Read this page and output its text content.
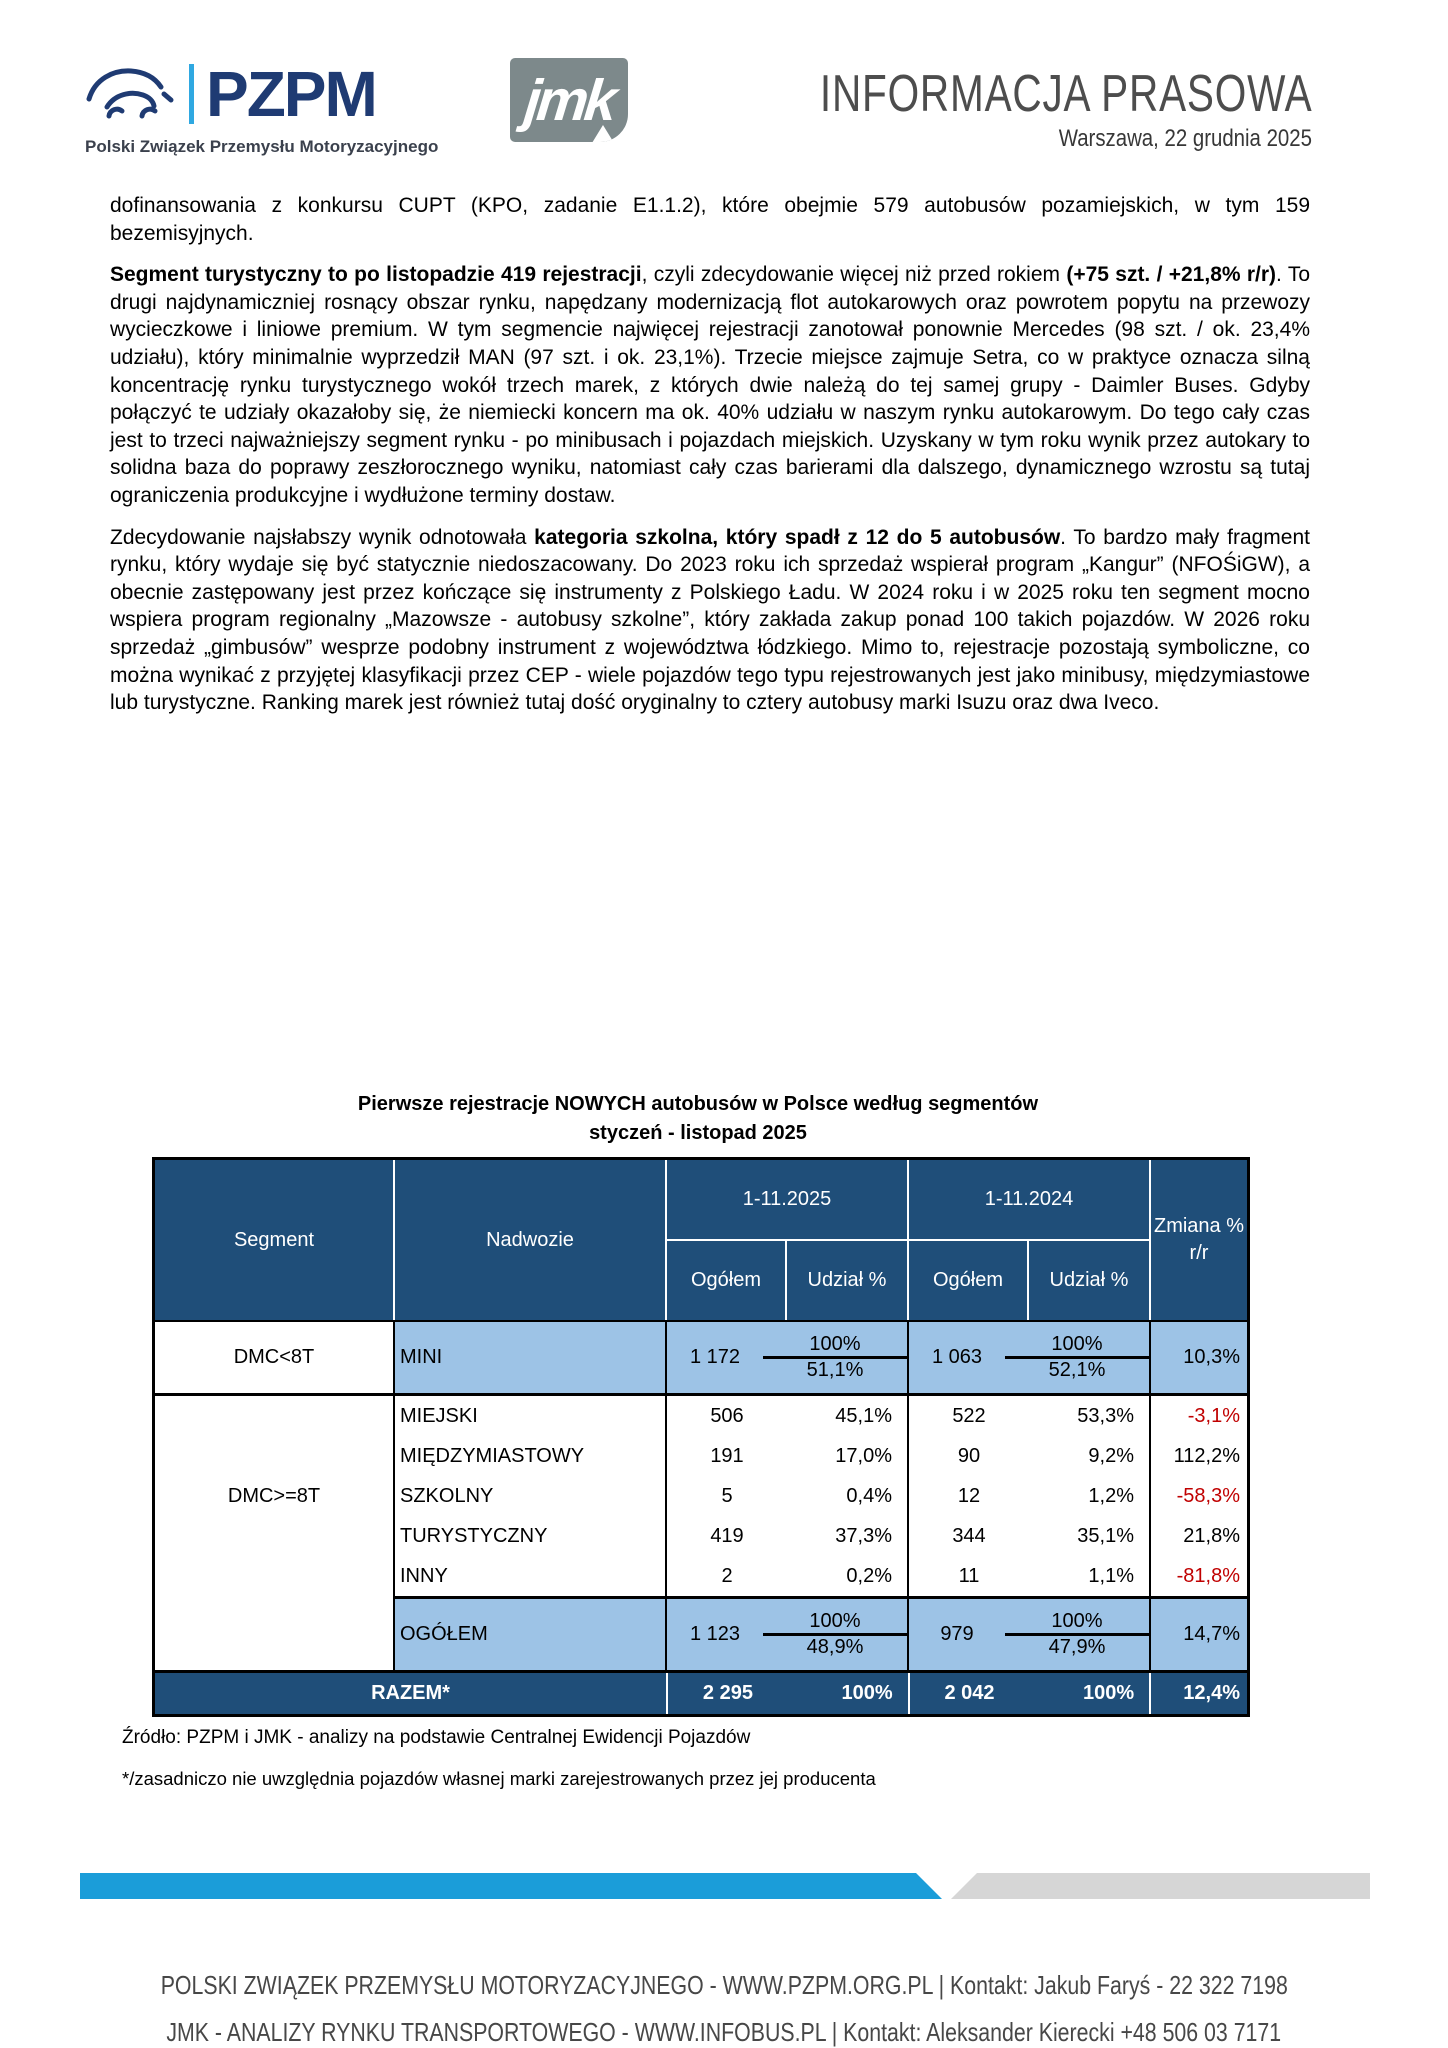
PZPM
Polski Związek Przemysłu Motoryzacyjnego
jmk	INFORMACJA PRASOWA
Warszawa, 22 grudnia 2025

dofinansowania z konkursu CUPT (KPO, zadanie E1.1.2), które obejmie 579 autobusów pozamiejskich, w tym 159 bezemisyjnych.

Segment turystyczny to po listopadzie 419 rejestracji, czyli zdecydowanie więcej niż przed rokiem (+75 szt. / +21,8% r/r). To drugi najdynamiczniej rosnący obszar rynku, napędzany modernizacją flot autokarowych oraz powrotem popytu na przewozy wycieczkowe i liniowe premium. W tym segmencie najwięcej rejestracji zanotował ponownie Mercedes (98 szt. / ok. 23,4% udziału), który minimalnie wyprzedził MAN (97 szt. i ok. 23,1%). Trzecie miejsce zajmuje Setra, co w praktyce oznacza silną koncentrację rynku turystycznego wokół trzech marek, z których dwie należą do tej samej grupy - Daimler Buses. Gdyby połączyć te udziały okazałoby się, że niemiecki koncern ma ok. 40% udziału w naszym rynku autokarowym. Do tego cały czas jest to trzeci najważniejszy segment rynku - po minibusach i pojazdach miejskich. Uzyskany w tym roku wynik przez autokary to solidna baza do poprawy zeszłorocznego wyniku, natomiast cały czas barierami dla dalszego, dynamicznego wzrostu są tutaj ograniczenia produkcyjne i wydłużone terminy dostaw.

Zdecydowanie najsłabszy wynik odnotowała kategoria szkolna, który spadł z 12 do 5 autobusów. To bardzo mały fragment rynku, który wydaje się być statycznie niedoszacowany. Do 2023 roku ich sprzedaż wspierał program „Kangur” (NFOŚiGW), a obecnie zastępowany jest przez kończące się instrumenty z Polskiego Ładu. W 2024 roku i w 2025 roku ten segment mocno wspiera program regionalny „Mazowsze - autobusy szkolne”, który zakłada zakup ponad 100 takich pojazdów. W 2026 roku sprzedaż „gimbusów” wesprze podobny instrument z województwa łódzkiego. Mimo to, rejestracje pozostają symboliczne, co można wynikać z przyjętej klasyfikacji przez CEP - wiele pojazdów tego typu rejestrowanych jest jako minibusy, międzymiastowe lub turystyczne. Ranking marek jest również tutaj dość oryginalny to cztery autobusy marki Isuzu oraz dwa Iveco.

Pierwsze rejestracje NOWYCH autobusów w Polsce według segmentów
styczeń - listopad 2025
Segment	Nadwozie
1-11.2025
Ogółem	Udział %
1-11.2024
Ogółem	Udział %
Zmiana %
r/r
DMC<8T	MINI	1 172	$\frac{100\%}{51,1\%}$	1 063	$\frac{100\%}{52,1\%}$	10,3%
DMC>=8T
MIEJSKI	506	45,1%	522	53,3%	-3,1%
MIĘDZYMIASTOWY	191	17,0%	90	9,2%	112,2%
SZKOLNY	5	0,4%	12	1,2%	-58,3%
TURYSTYCZNY	419	37,3%	344	35,1%	21,8%
INNY	2	0,2%	11	1,1%	-81,8%
OGÓŁEM	1 123	$\frac{100\%}{48,9\%}$	979	$\frac{100\%}{47,9\%}$	14,7%
RAZEM*	2 295	100%	2 042	100%	12,4%
Źródło: PZPM i JMK - analizy na podstawie Centralnej Ewidencji Pojazdów
*/zasadniczo nie uwzględnia pojazdów własnej marki zarejestrowanych przez jej producenta
POLSKI ZWIĄZEK PRZEMYSŁU MOTORYZACYJNEGO - WWW.PZPM.ORG.PL | Kontakt: Jakub Faryś - 22 322 7198
JMK - ANALIZY RYNKU TRANSPORTOWEGO - WWW.INFOBUS.PL | Kontakt: Aleksander Kierecki +48 506 03 7171
